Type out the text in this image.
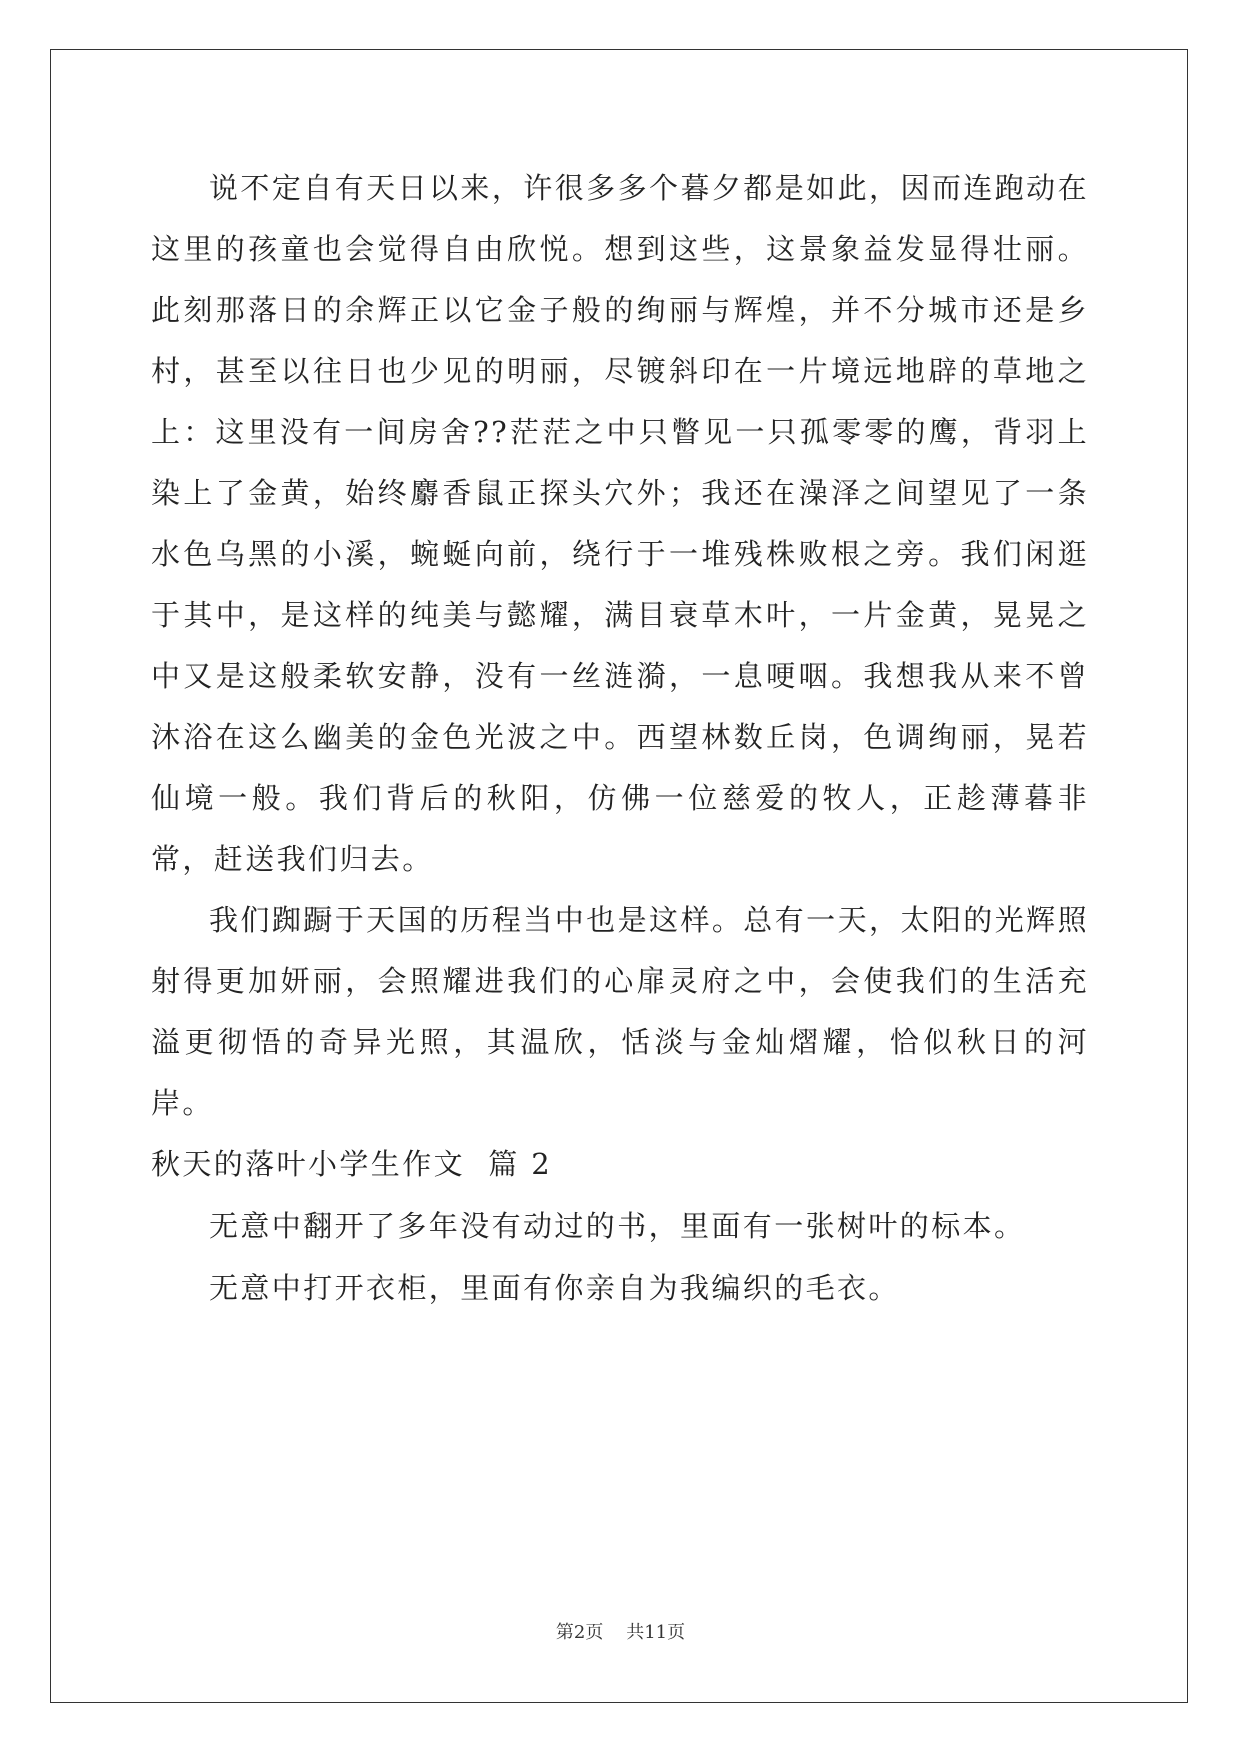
说不定自有天日以来，许很多多个暮夕都是如此，因而连跑动在这里的孩童也会觉得自由欣悦。想到这些，这景象益发显得壮丽。此刻那落日的余辉正以它金子般的绚丽与辉煌，并不分城市还是乡村，甚至以往日也少见的明丽，尽镀斜印在一片境远地辟的草地之上：这里没有一间房舍??茫茫之中只瞥见一只孤零零的鹰，背羽上染上了金黄，始终麝香鼠正探头穴外；我还在澡泽之间望见了一条水色乌黑的小溪，蜿蜒向前，绕行于一堆残株败根之旁。我们闲逛于其中，是这样的纯美与懿耀，满目衰草木叶，一片金黄，晃晃之中又是这般柔软安静，没有一丝涟漪，一息哽咽。我想我从来不曾沐浴在这么幽美的金色光波之中。西望林数丘岗，色调绚丽，晃若仙境一般。我们背后的秋阳，仿佛一位慈爱的牧人，正趁薄暮非常，赶送我们归去。

我们踟蹰于天国的历程当中也是这样。总有一天，太阳的光辉照射得更加妍丽，会照耀进我们的心扉灵府之中，会使我们的生活充溢更彻悟的奇异光照，其温欣，恬淡与金灿熠耀，恰似秋日的河岸。

秋天的落叶小学生作文  篇 2

无意中翻开了多年没有动过的书，里面有一张树叶的标本。

无意中打开衣柜，里面有你亲自为我编织的毛衣。

第2页 共11页
